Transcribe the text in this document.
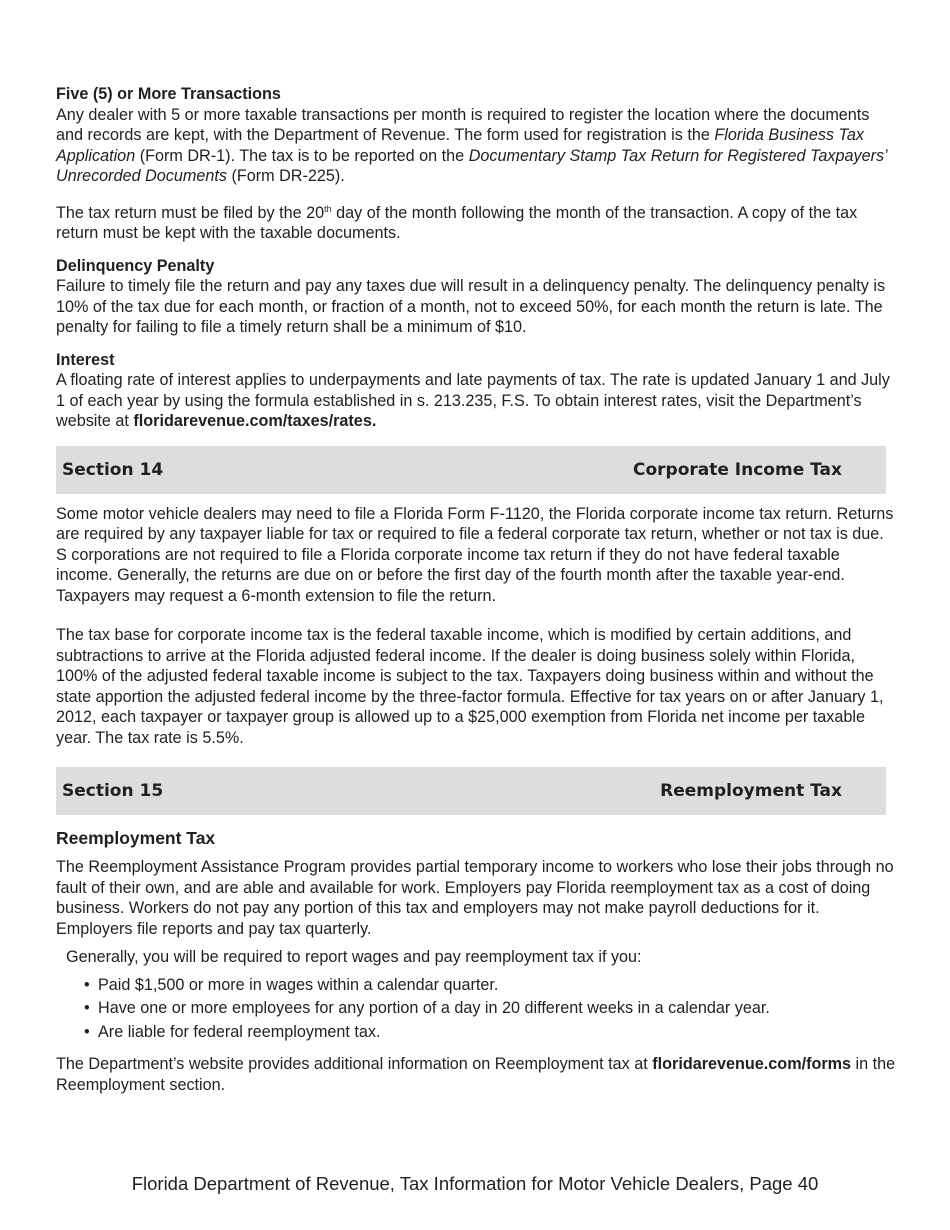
Five (5) or More Transactions

Any dealer with 5 or more taxable transactions per month is required to register the location where the documents and records are kept, with the Department of Revenue. The form used for registration is the Florida Business Tax Application (Form DR-1). The tax is to be reported on the Documentary Stamp Tax Return for Registered Taxpayers’ Unrecorded Documents (Form DR-225).

The tax return must be filed by the 20th day of the month following the month of the transaction. A copy of the tax return must be kept with the taxable documents.

Delinquency Penalty

Failure to timely file the return and pay any taxes due will result in a delinquency penalty. The delinquency penalty is 10% of the tax due for each month, or fraction of a month, not to exceed 50%, for each month the return is late. The penalty for failing to file a timely return shall be a minimum of $10.

Interest

A floating rate of interest applies to underpayments and late payments of tax. The rate is updated January 1 and July 1 of each year by using the formula established in s. 213.235, F.S. To obtain interest rates, visit the Department’s website at floridarevenue.com/taxes/rates.

Section 14	Corporate Income Tax

Some motor vehicle dealers may need to file a Florida Form F-1120, the Florida corporate income tax return. Returns are required by any taxpayer liable for tax or required to file a federal corporate tax return, whether or not tax is due. S corporations are not required to file a Florida corporate income tax return if they do not have federal taxable income. Generally, the returns are due on or before the first day of the fourth month after the taxable year-end. Taxpayers may request a 6-month extension to file the return.

The tax base for corporate income tax is the federal taxable income, which is modified by certain additions, and subtractions to arrive at the Florida adjusted federal income. If the dealer is doing business solely within Florida, 100% of the adjusted federal taxable income is subject to the tax. Taxpayers doing business within and without the state apportion the adjusted federal income by the three-factor formula. Effective for tax years on or after January 1, 2012, each taxpayer or taxpayer group is allowed up to a $25,000 exemption from Florida net income per taxable year. The tax rate is 5.5%.

Section 15	Reemployment Tax
Reemployment Tax

The Reemployment Assistance Program provides partial temporary income to workers who lose their jobs through no fault of their own, and are able and available for work. Employers pay Florida reemployment tax as a cost of doing business. Workers do not pay any portion of this tax and employers may not make payroll deductions for it. Employers file reports and pay tax quarterly.

Generally, you will be required to report wages and pay reemployment tax if you:

• Paid $1,500 or more in wages within a calendar quarter.
• Have one or more employees for any portion of a day in 20 different weeks in a calendar year.
• Are liable for federal reemployment tax.

The Department’s website provides additional information on Reemployment tax at floridarevenue.com/forms in the Reemployment section.

Florida Department of Revenue, Tax Information for Motor Vehicle Dealers, Page 40
